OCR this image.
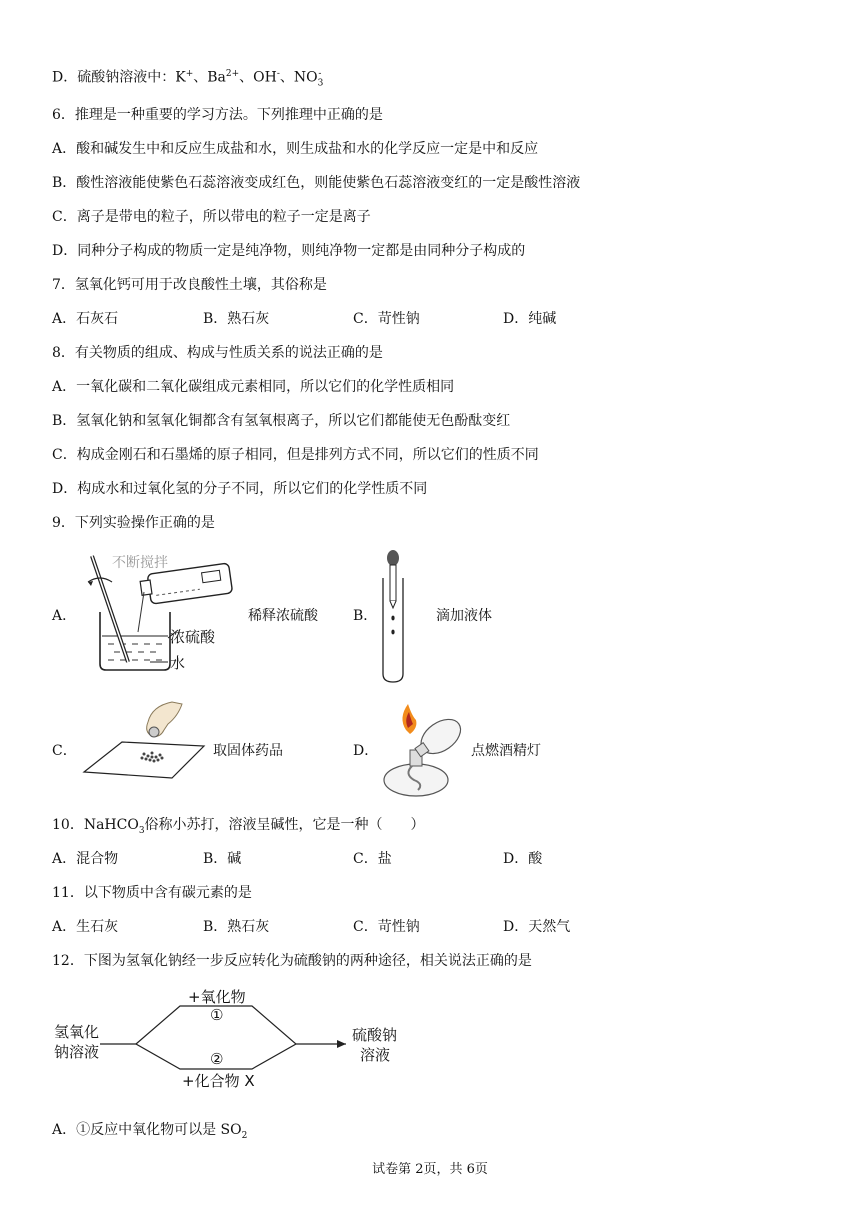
D．硫酸钠溶液中：K+、$Ba^{2+}$、OH-、$NO_3^-$
6．推理是一种重要的学习方法。下列推理中正确的是
A．酸和碱发生中和反应生成盐和水，则生成盐和水的化学反应一定是中和反应
B．酸性溶液能使紫色石蕊溶液变成红色，则能使紫色石蕊溶液变红的一定是酸性溶液
C．离子是带电的粒子，所以带电的粒子一定是离子
D．同种分子构成的物质一定是纯净物，则纯净物一定都是由同种分子构成的
7．氢氧化钙可用于改良酸性土壤，其俗称是
A．石灰石	B．熟石灰	C．苛性钠	D．纯碱
8．有关物质的组成、构成与性质关系的说法正确的是
A．一氧化碳和二氧化碳组成元素相同，所以它们的化学性质相同
B．氢氧化钠和氢氧化铜都含有氢氧根离子，所以它们都能使无色酚酞变红
C．构成金刚石和石墨烯的原子相同，但是排列方式不同，所以它们的性质不同
D．构成水和过氧化氢的分子不同，所以它们的化学性质不同
9．下列实验操作正确的是
A．
不断搅拌
浓硫酸
水
稀释浓硫酸	B．	滴加液体
C．	取固体药品	D．	点燃酒精灯
10．NaHCO$_3$俗称小苏打，溶液呈碱性，它是一种（　　）
A．混合物	B．碱	C．盐	D．酸
11．以下物质中含有碳元素的是
A．生石灰	B．熟石灰	C．苛性钠	D．天然气
12．下图为氢氧化钠经一步反应转化为硫酸钠的两种途径，相关说法正确的是
氢氧化
钠溶液
+氧化物
①
②
+化合物 X
硫酸钠
溶液
A．①反应中氧化物可以是 $SO_2$
试卷第 2页，共 6页
